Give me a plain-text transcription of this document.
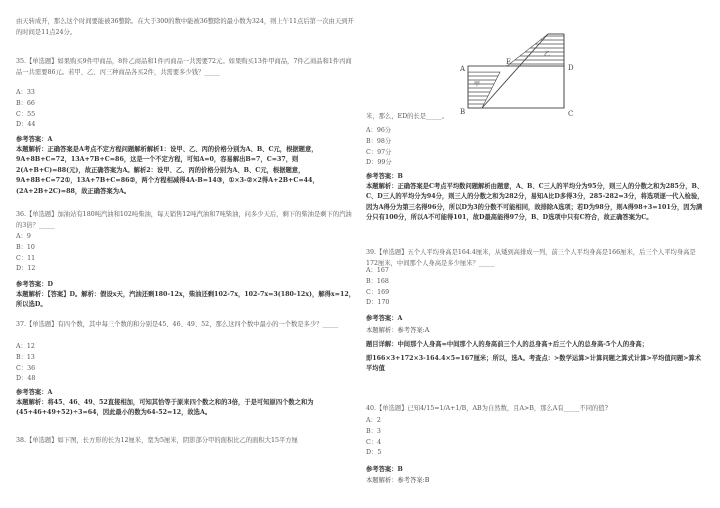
由天转成开，那么这个时间要能被36整除。在大于300的数中能被36整除的最小数为324，则上午11点后第一次由天到开的时间是11点24分。
35.【单选题】如果购买9件甲商品，8件乙商品和1件丙商品一共需要72元。如果购买13件甲商品，7件乙商品和1件丙商品一共需要86元。若甲、乙、丙三种商品各买2件，共需要多少钱？_____
A：33
B：66
C：55
D：44
参考答案：A
本题解析：正确答案是A考点不定方程问题解析解析1：设甲、乙、丙的价格分别为A、B、C元，根据题意，9A+8B+C=72，13A+7B+C=86，这是一个不定方程，可知A=0，容易解出B=7，C=37，则2(A+B+C)=88(元)，故正确答案为A。解析2：设甲、乙、丙的价格分别为A、B、C元，根据题意，9A+8B+C=72①，13A+7B+C=86②，两个方程相减得4A-B=14③，①×3-②×2得A+2B+C=44，(2A+2B+2C)=88，故正确答案为A。
36.【单选题】加油站有180吨汽油和102吨柴油，每天销售12吨汽油和7吨柴油，问多少天后，剩下的柴油是剩下的汽油的3倍？_____
A：9
B：10
C：11
D：12
参考答案：D
本题解析：【答案】D。解析：假设x天，汽油还剩180-12x，柴油还剩102-7x，102-7x=3(180-12x)，解得x=12，所以选D。
37.【单选题】有四个数，其中每三个数的和分别是45、46、49、52，那么这四个数中最小的一个数是多少？_____
A：12
B：13
C：36
D：48
参考答案：A
本题解析：将45、46、49、52直接相加，可知其恰等于原来四个数之和的3倍，于是可知原四个数之和为(45+46+49+52)÷3=64，因此最小的数为64-52=12，故选A。
38.【单选题】如下图，长方形的长为12厘米，宽为5厘米，阴影部分甲的面积比乙的面积大15平方厘
A
B	C
D
E
甲
乙
米，那么，ED的长是_____。
A：96分
B：98分
C：97分
D：99分
参考答案：B
本题解析：正确答案是C考点平均数问题解析由题意，A、B、C三人的平均分为95分，则三人的分数之和为285分，B、C、D三人的平均分为94分，则三人的分数之和为282分，易知A比D多得3分，285-282=3分，将选项逐一代入检验，因为A得分为第三名得96分，所以D为3的分数不可能相同，故排除A选项；若D为98分，则A得98+3=101分，因为满分只有100分，所以A不可能得101，故D最高能得97分，B、D选项中只有C符合，故正确答案为C。
39.【单选题】五个人平均身高是164.4厘米，从矮到高排成一列，前三个人平均身高是166厘米，后三个人平均身高是172厘米，中间那个人身高是多少厘米？_____
A：167
B：168
C：169
D：170
参考答案：A
本题解析：参考答案:A
题目详解：中间那个人身高=中间那个人的身高前三个人的总身高+后三个人的总身高-5个人的身高；
即166×3+172×3-164.4×5=167厘米；所以，选A。考查点：>数学运算>计算问题之算式计算>平均值问题>算术平均值
40.【单选题】已知4/15=1/A+1/B，AB为自然数，且A>B，那么A有_____不同的值?
A：2
B：3
C：4
D：5
参考答案：B
本题解析：参考答案:B
